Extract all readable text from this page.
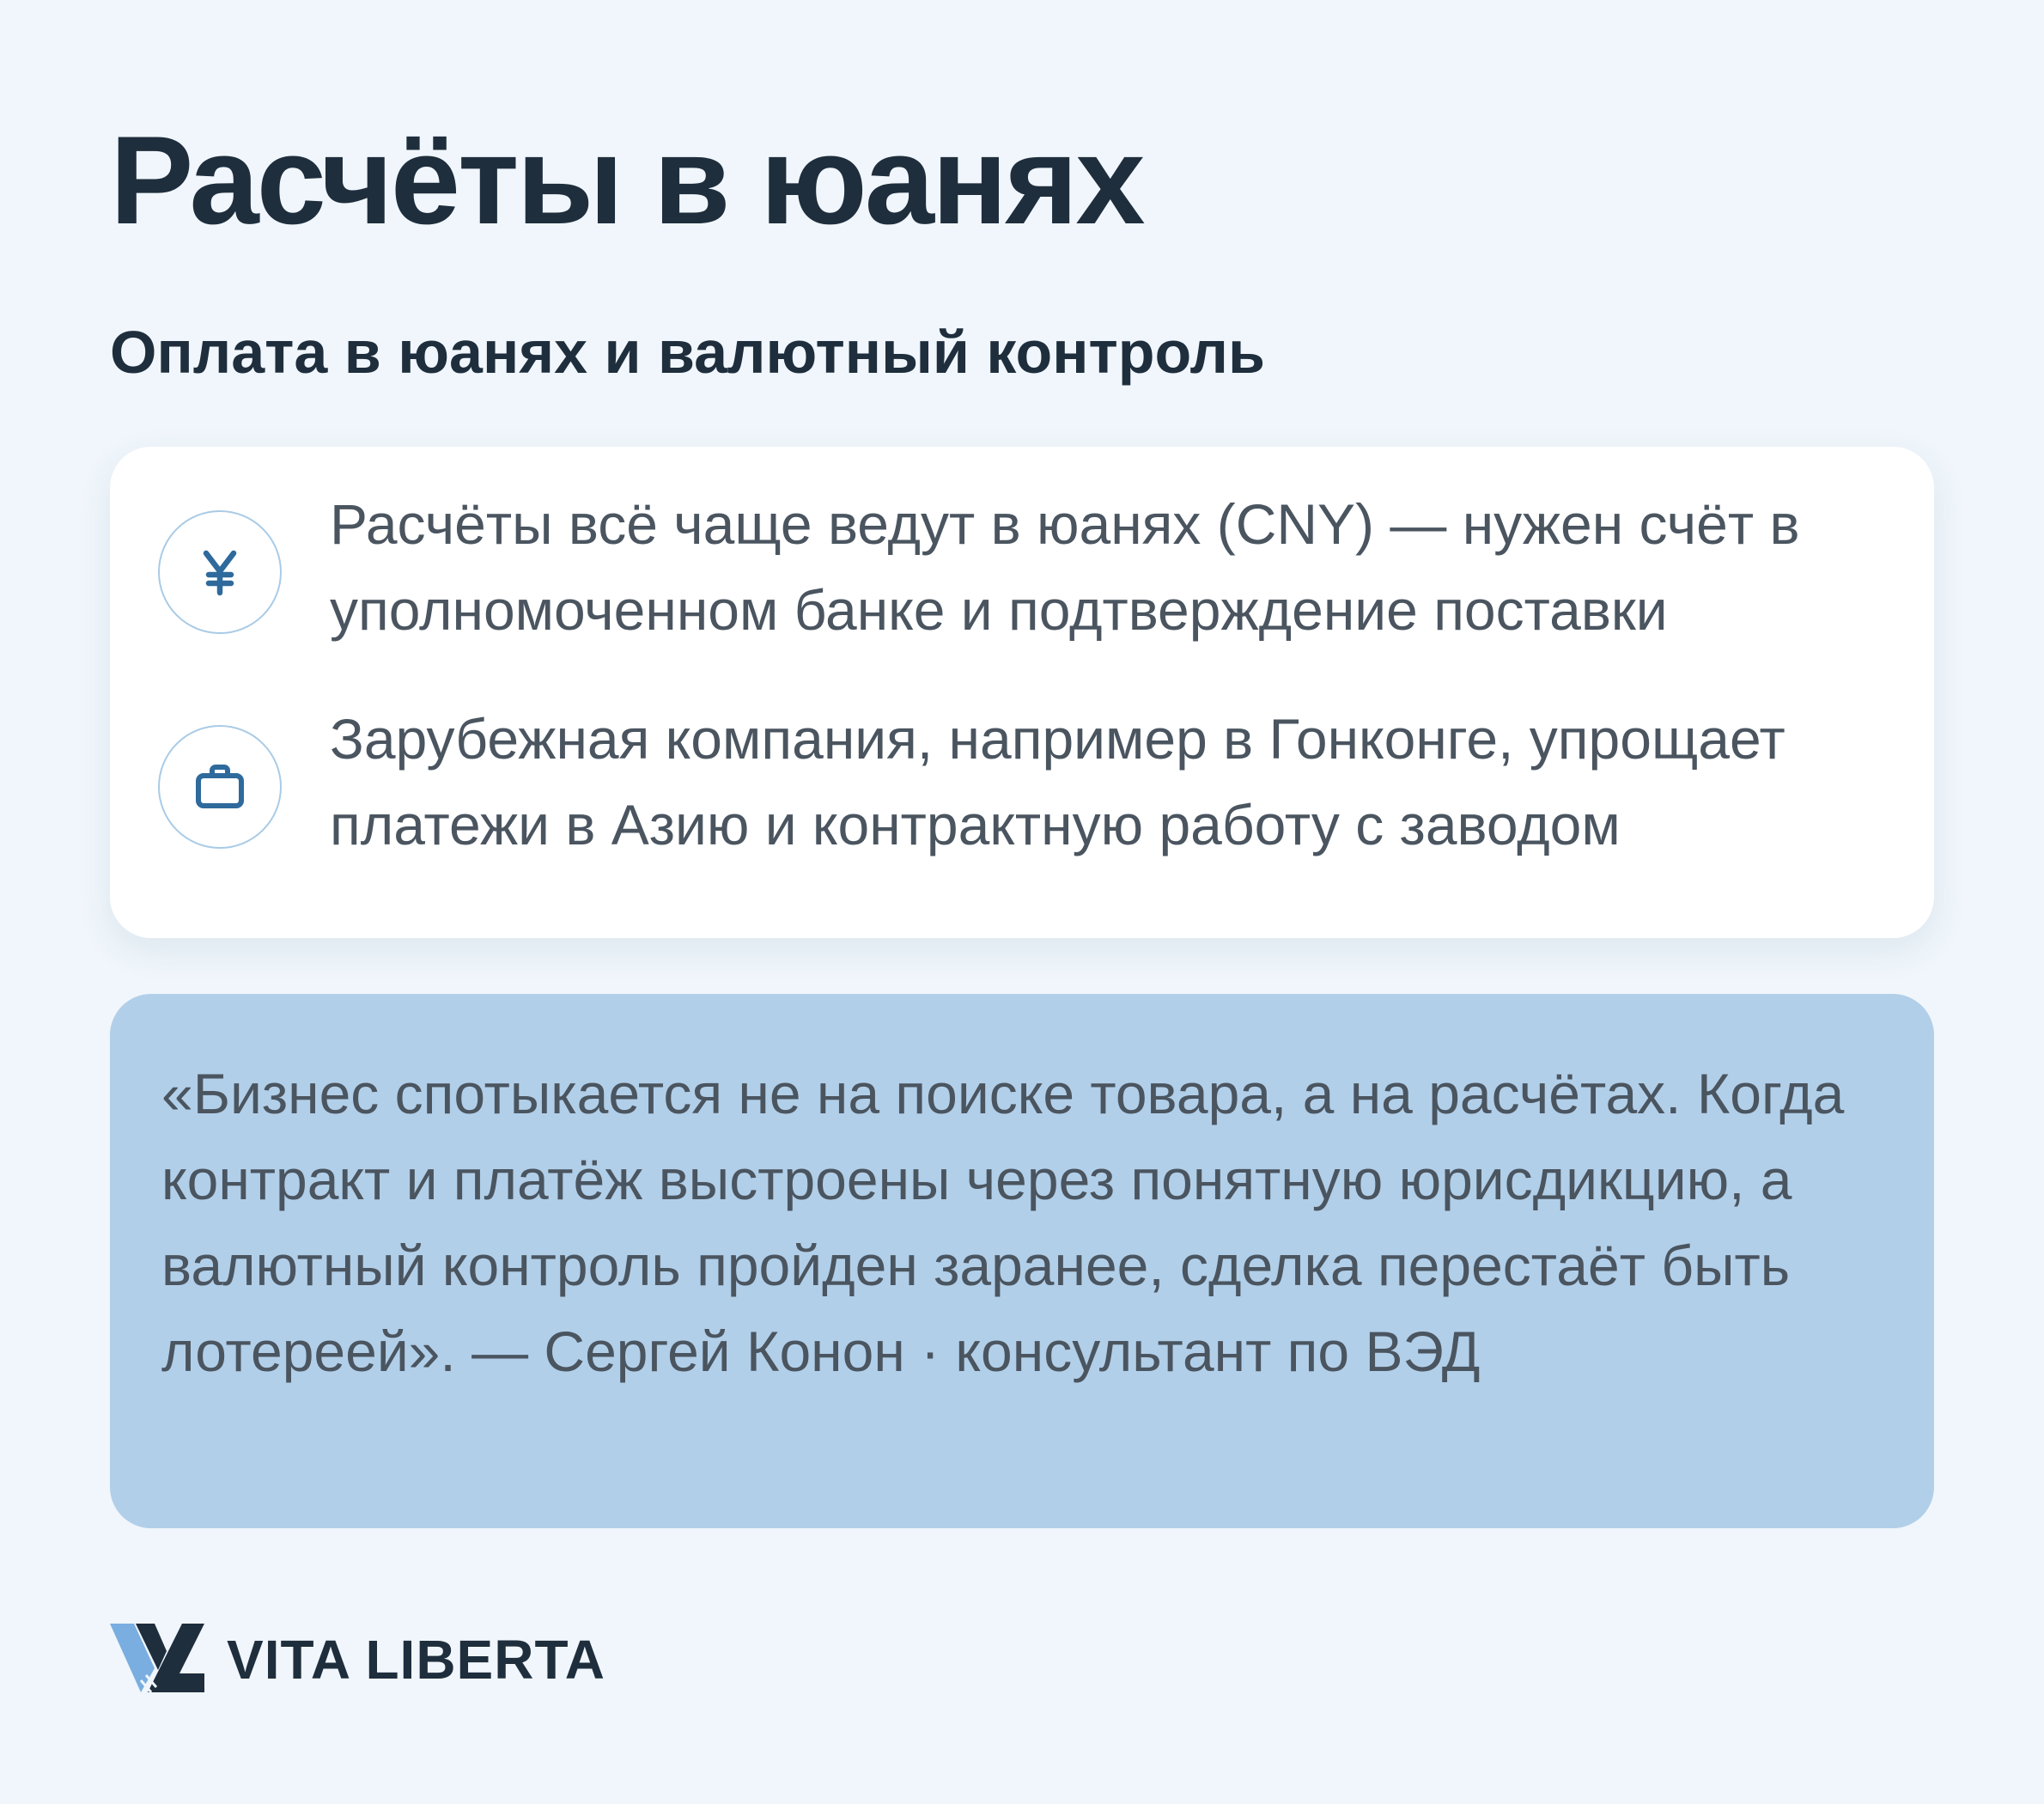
Расчёты в юанях
Оплата в юанях и валютный контроль

Расчёты всё чаще ведут в юанях (CNY) — нужен счёт в уполномоченном банке и подтверждение поставки

Зарубежная компания, например в Гонконге, упрощает платежи в Азию и контрактную работу с заводом

«Бизнес спотыкается не на поиске товара, а на расчётах. Когда контракт и платёж выстроены через понятную юрисдикцию, а валютный контроль пройден заранее, сделка перестаёт быть лотереей». — Сергей Конон · консультант по ВЭД

VITA LIBERTA
